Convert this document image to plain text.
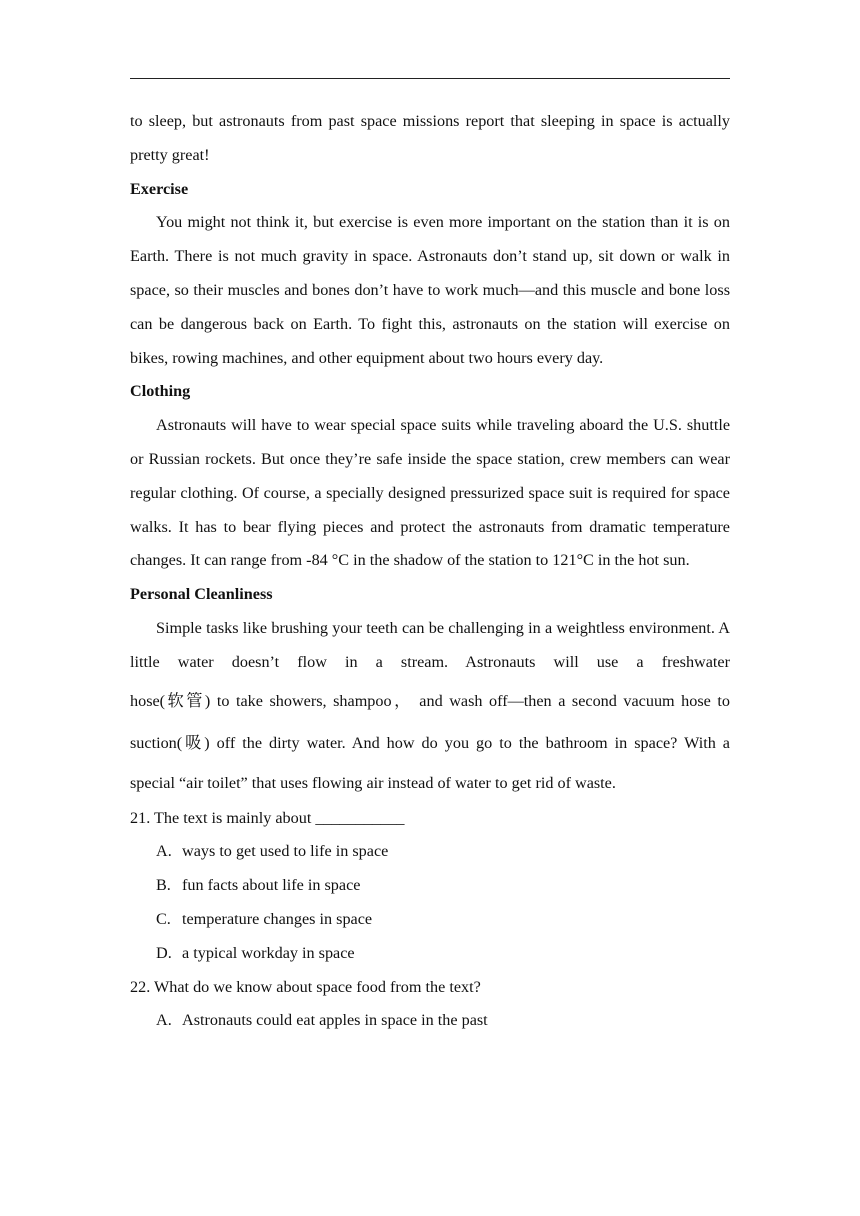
to sleep, but astronauts from past space missions report that sleeping in space is actually pretty great!

Exercise

You might not think it, but exercise is even more important on the station than it is on Earth. There is not much gravity in space. Astronauts don’t stand up, sit down or walk in space, so their muscles and bones don’t have to work much—and this muscle and bone loss can be dangerous back on Earth. To fight this, astronauts on the station will exercise on bikes, rowing machines, and other equipment about two hours every day.

Clothing

Astronauts will have to wear special space suits while traveling aboard the U.S. shuttle or Russian rockets. But once they’re safe inside the space station, crew members can wear regular clothing. Of course, a specially designed pressurized space suit is required for space walks. It has to bear flying pieces and protect the astronauts from dramatic temperature changes. It can range from -84 °C in the shadow of the station to 121°C in the hot sun.

Personal Cleanliness

Simple tasks like brushing your teeth can be challenging in a weightless environment. A little water doesn’t flow in a stream. Astronauts will use a freshwater

hose(软管) to take showers, shampoo， and wash off—then a second vacuum hose to

suction(吸) off the dirty water. And how do you go to the bathroom in space? With a

special “air toilet” that uses flowing air instead of water to get rid of waste.

21. The text is mainly about ___________

A. ways to get used to life in space

B. fun facts about life in space

C. temperature changes in space

D. a typical workday in space

22. What do we know about space food from the text?

A. Astronauts could eat apples in space in the past
